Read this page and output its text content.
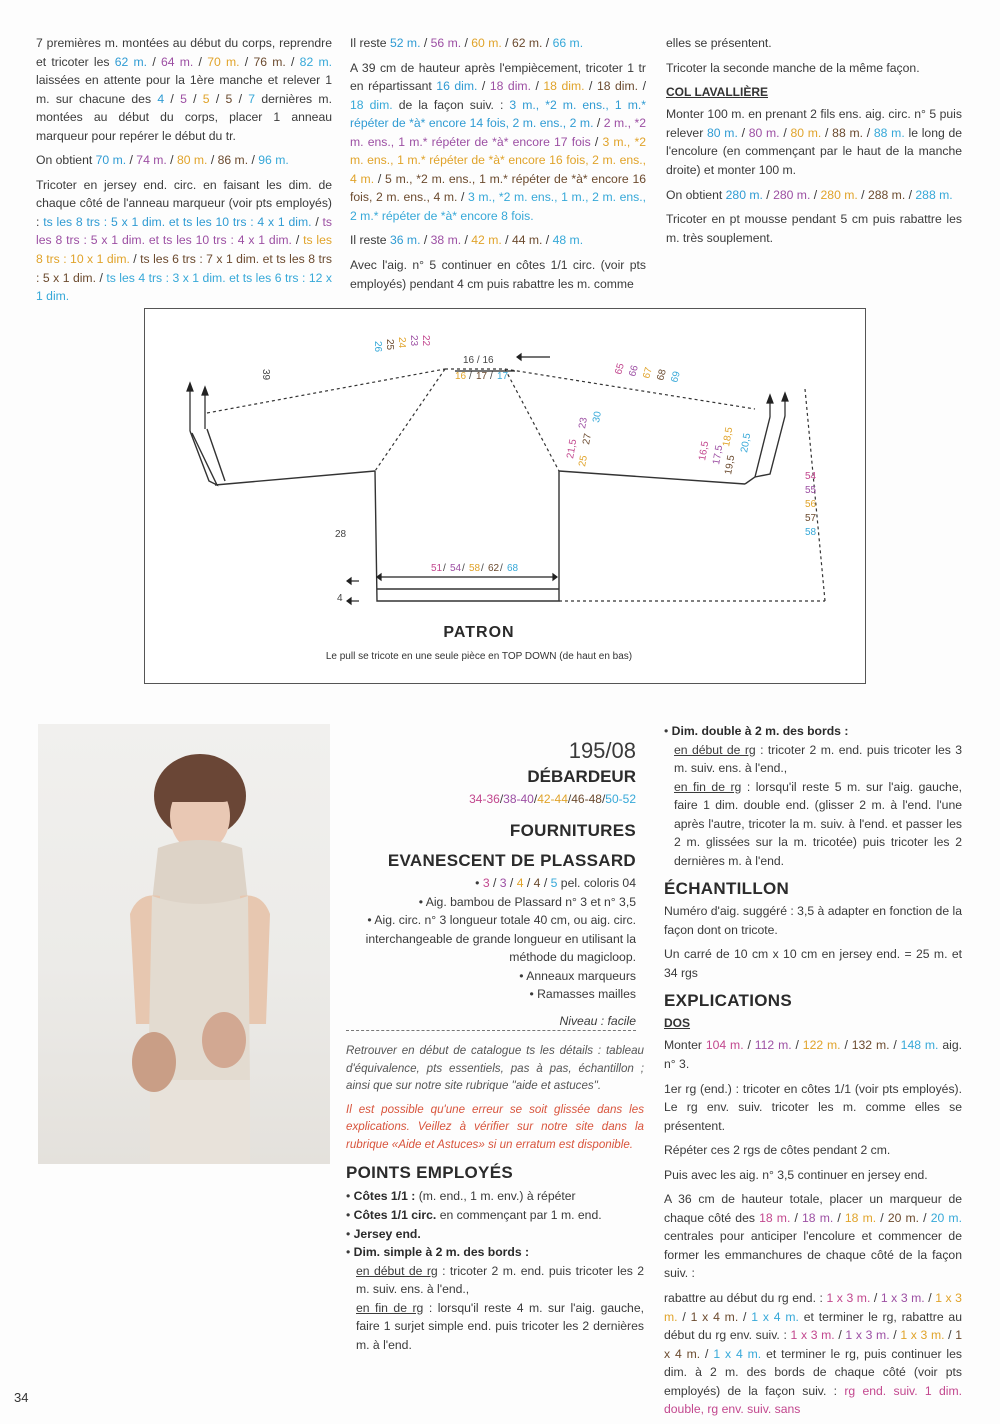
7 premières m. montées au début du corps, reprendre et tricoter les 62 m. / 64 m. / 70 m. / 76 m. / 82 m. laissées en attente pour la 1ère manche et relever 1 m. sur chacune des 4 / 5 / 5 / 5 / 7 dernières m. montées au début du corps, placer 1 anneau marqueur pour repérer le début du tr.

On obtient 70 m. / 74 m. / 80 m. / 86 m. / 96 m.

Tricoter en jersey end. circ. en faisant les dim. de chaque côté de l'anneau marqueur (voir pts employés) : ts les 8 trs : 5 x 1 dim. et ts les 10 trs : 4 x 1 dim. / ts les 8 trs : 5 x 1 dim. et ts les 10 trs : 4 x 1 dim. / ts les 8 trs : 10 x 1 dim. / ts les 6 trs : 7 x 1 dim. et ts les 8 trs : 5 x 1 dim. / ts les 4 trs : 3 x 1 dim. et ts les 6 trs : 12 x 1 dim.

Il reste 52 m. / 56 m. / 60 m. / 62 m. / 66 m.

A 39 cm de hauteur après l'empiècement, tricoter 1 tr en répartissant 16 dim. / 18 dim. / 18 dim. / 18 dim. / 18 dim. de la façon suiv. : 3 m., *2 m. ens., 1 m.* répéter de *à* encore 14 fois, 2 m. ens., 2 m. / 2 m., *2 m. ens., 1 m.* répéter de *à* encore 17 fois / 3 m., *2 m. ens., 1 m.* répéter de *à* encore 16 fois, 2 m. ens., 4 m. / 5 m., *2 m. ens., 1 m.* répéter de *à* encore 16 fois, 2 m. ens., 4 m. / 3 m., *2 m. ens., 1 m., 2 m. ens., 2 m.* répéter de *à* encore 8 fois.

Il reste 36 m. / 38 m. / 42 m. / 44 m. / 48 m.

Avec l'aig. n° 5 continuer en côtes 1/1 circ. (voir pts employés) pendant 4 cm puis rabattre les m. comme

elles se présentent.

Tricoter la seconde manche de la même façon.

COL LAVALLIÈRE

Monter 100 m. en prenant 2 fils ens. aig. circ. n° 5 puis relever 80 m. / 80 m. / 80 m. / 88 m. / 88 m. le long de l'encolure (en commençant par le haut de la manche droite) et monter 100 m.

On obtient 280 m. / 280 m. / 280 m. / 288 m. / 288 m.

Tricoter en pt mousse pendant 5 cm puis rabattre les m. très souplement.

39
28
4
16 / 16
16 / 17 / 17
22
23
24
25
26
65 66 67 68 69
21,5
23
25
27
30
16,5 17,5
18,5
19,5
20,5
51 / 54 / 58 / 62 / 68
54
55
56
57
58
PATRON
Le pull se tricote en une seule pièce en TOP DOWN (de haut en bas)
195/08
DÉBARDEUR
34-36/38-40/42-44/46-48/50-52
FOURNITURES
EVANESCENT DE PLASSARD
• 3 / 3 / 4 / 4 / 5 pel. coloris 04
• Aig. bambou de Plassard n° 3 et n° 3,5
• Aig. circ. n° 3 longueur totale 40 cm, ou aig. circ. interchangeable de grande longueur en utilisant la méthode du magicloop.
• Anneaux marqueurs
• Ramasses mailles
Niveau : facile

Retrouver en début de catalogue ts les détails : tableau d'équivalence, pts essentiels, pas à pas, échantillon ; ainsi que sur notre site rubrique "aide et astuces".

Il est possible qu'une erreur se soit glissée dans les explications. Veillez à vérifier sur notre site dans la rubrique «Aide et Astuces» si un erratum est disponible.

POINTS EMPLOYÉS
• Côtes 1/1 : (m. end., 1 m. env.) à répéter
• Côtes 1/1 circ. en commençant par 1 m. end.
• Jersey end.
• Dim. simple à 2 m. des bords :
en début de rg : tricoter 2 m. end. puis tricoter les 2 m. suiv. ens. à l'end.,
en fin de rg : lorsqu'il reste 4 m. sur l'aig. gauche, faire 1 surjet simple end. puis tricoter les 2 dernières m. à l'end.
• Dim. double à 2 m. des bords :
en début de rg : tricoter 2 m. end. puis tricoter les 3 m. suiv. ens. à l'end.,
en fin de rg : lorsqu'il reste 5 m. sur l'aig. gauche, faire 1 dim. double end. (glisser 2 m. à l'end. l'une après l'autre, tricoter la m. suiv. à l'end. et passer les 2 m. glissées sur la m. tricotée) puis tricoter les 2 dernières m. à l'end.
ÉCHANTILLON

Numéro d'aig. suggéré : 3,5 à adapter en fonction de la façon dont on tricote.

Un carré de 10 cm x 10 cm en jersey end. = 25 m. et 34 rgs

EXPLICATIONS
DOS

Monter 104 m. / 112 m. / 122 m. / 132 m. / 148 m. aig. n° 3.

1er rg (end.) : tricoter en côtes 1/1 (voir pts employés). Le rg env. suiv. tricoter les m. comme elles se présentent.

Répéter ces 2 rgs de côtes pendant 2 cm.

Puis avec les aig. n° 3,5 continuer en jersey end.

A 36 cm de hauteur totale, placer un marqueur de chaque côté des 18 m. / 18 m. / 18 m. / 20 m. / 20 m. centrales pour anticiper l'encolure et commencer de former les emmanchures de chaque côté de la façon suiv. :

rabattre au début du rg end. : 1 x 3 m. / 1 x 3 m. / 1 x 3 m. / 1 x 4 m. / 1 x 4 m. et terminer le rg, rabattre au début du rg env. suiv. : 1 x 3 m. / 1 x 3 m. / 1 x 3 m. / 1 x 4 m. / 1 x 4 m. et terminer le rg, puis continuer les dim. à 2 m. des bords de chaque côté (voir pts employés) de la façon suiv. : rg end. suiv. 1 dim. double, rg env. suiv. sans

34
